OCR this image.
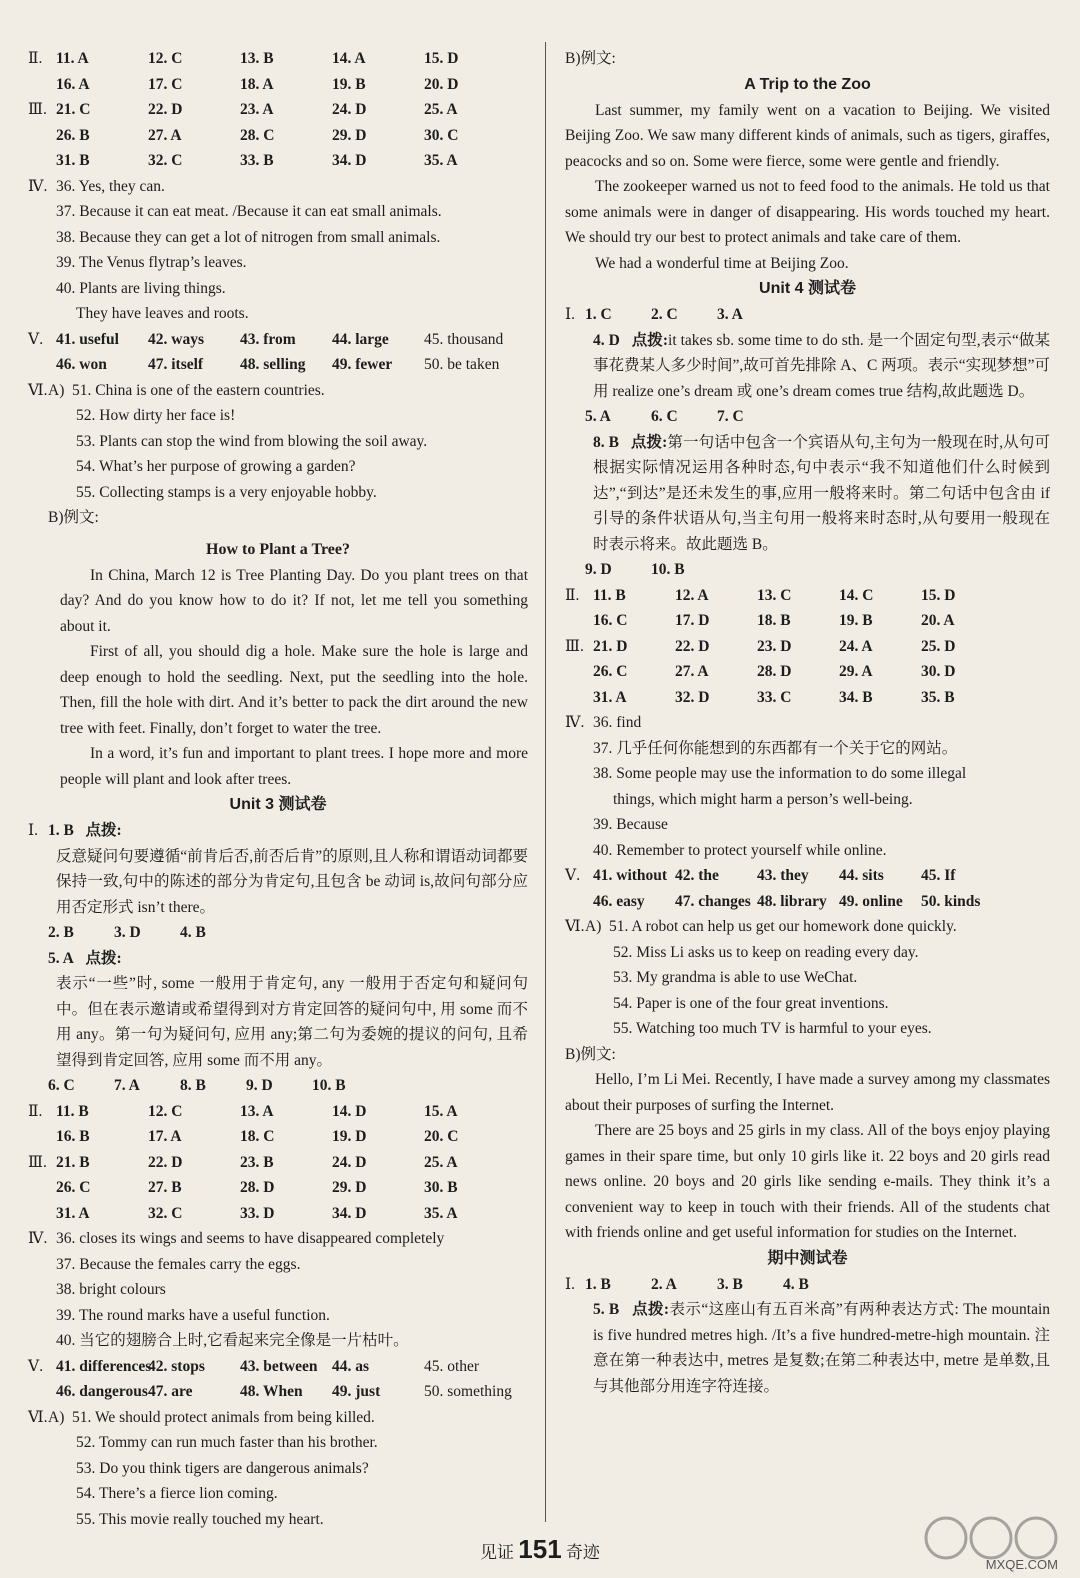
Ⅱ. 11. A	12. C	13. B	14. A	15. D
16. A	17. C	18. A	19. B	20. D
Ⅲ. 21. C	22. D	23. A	24. D	25. A
26. B	27. A	28. C	29. D	30. C
31. B	32. C	33. B	34. D	35. A
Ⅳ. 36. Yes, they can.
37. Because it can eat meat. /Because it can eat small animals.
38. Because they can get a lot of nitrogen from small animals.
39. The Venus flytrap’s leaves.
40. Plants are living things.
They have leaves and roots.
Ⅴ. 41. useful 42. ways 43. from 44. large 45. thousand
46. won	47. itself 48. selling 49. fewer 50. be taken
Ⅵ.A) 51. China is one of the eastern countries.
52. How dirty her face is!
53. Plants can stop the wind from blowing the soil away.
54. What’s her purpose of growing a garden?
55. Collecting stamps is a very enjoyable hobby.
B)例文:
How to Plant a Tree?

In China, March 12 is Tree Planting Day. Do you plant trees on that day? And do you know how to do it? If not, let me tell you something about it.

First of all, you should dig a hole. Make sure the hole is large and deep enough to hold the seedling. Next, put the seedling into the hole. Then, fill the hole with dirt. And it’s better to pack the dirt around the new tree with feet. Finally, don’t forget to water the tree.

In a word, it’s fun and important to plant trees. I hope more and more people will plant and look after trees.

Unit 3 测试卷
Ⅰ. 1. B 点拨:

反意疑问句要遵循“前肯后否,前否后肯”的原则,且人称和谓语动词都要保持一致,句中的陈述的部分为肯定句,且包含 be 动词 is,故问句部分应用否定形式 isn’t there。

2. B	3. D	4. B
5. A 点拨:

表示“一些”时, some 一般用于肯定句, any 一般用于否定句和疑问句中。但在表示邀请或希望得到对方肯定回答的疑问句中, 用 some 而不用 any。第一句为疑问句, 应用 any;第二句为委婉的提议的问句, 且希望得到肯定回答, 应用 some 而不用 any。

6. C	7. A	8. B	9. D	10. B
Ⅱ. 11. B	12. C	13. A	14. D	15. A
16. B	17. A	18. C	19. D	20. C
Ⅲ. 21. B	22. D	23. B	24. D	25. A
26. C	27. B	28. D	29. D	30. B
31. A	32. C	33. D	34. D	35. A
Ⅳ. 36. closes its wings and seems to have disappeared completely
37. Because the females carry the eggs.
38. bright colours
39. The round marks have a useful function.
40. 当它的翅膀合上时,它看起来完全像是一片枯叶。
Ⅴ. 41. differences42. stops 43. between 44. as	45. other
46. dangerous47. are	48. When 49. just	50. something
Ⅵ.A) 51. We should protect animals from being killed.
52. Tommy can run much faster than his brother.
53. Do you think tigers are dangerous animals?
54. There’s a fierce lion coming.
55. This movie really touched my heart.
B)例文:
A Trip to the Zoo

Last summer, my family went on a vacation to Beijing. We visited Beijing Zoo. We saw many different kinds of animals, such as tigers, giraffes, peacocks and so on. Some were fierce, some were gentle and friendly.

The zookeeper warned us not to feed food to the animals. He told us that some animals were in danger of disappearing. His words touched my heart. We should try our best to protect animals and take care of them.

We had a wonderful time at Beijing Zoo.

Unit 4 测试卷
Ⅰ. 1. C	2. C	3. A

4. D 点拨:it takes sb. some time to do sth. 是一个固定句型,表示“做某事花费某人多少时间”,故可首先排除 A、C 两项。表示“实现梦想”可用 realize one’s dream 或 one’s dream comes true 结构,故此题选 D。

5. A	6. C	7. C

8. B 点拨:第一句话中包含一个宾语从句,主句为一般现在时,从句可根据实际情况运用各种时态,句中表示“我不知道他们什么时候到达”,“到达”是还未发生的事,应用一般将来时。第二句话中包含由 if 引导的条件状语从句,当主句用一般将来时态时,从句要用一般现在时表示将来。故此题选 B。

9. D	10. B
Ⅱ. 11. B	12. A	13. C	14. C	15. D
16. C	17. D	18. B	19. B	20. A
Ⅲ. 21. D	22. D	23. D	24. A	25. D
26. C	27. A	28. D	29. A	30. D
31. A	32. D	33. C	34. B	35. B
Ⅳ. 36. find
37. 几乎任何你能想到的东西都有一个关于它的网站。
38. Some people may use the information to do some illegal
things, which might harm a person’s well-being.
39. Because
40. Remember to protect yourself while online.
Ⅴ. 41. without 42. the 43. they 44. sits 45. If
46. easy 47. changes 48. library 49. online 50. kinds
Ⅵ.A) 51. A robot can help us get our homework done quickly.
52. Miss Li asks us to keep on reading every day.
53. My grandma is able to use WeChat.
54. Paper is one of the four great inventions.
55. Watching too much TV is harmful to your eyes.
B)例文:

Hello, I’m Li Mei. Recently, I have made a survey among my classmates about their purposes of surfing the Internet.

There are 25 boys and 25 girls in my class. All of the boys enjoy playing games in their spare time, but only 10 girls like it. 22 boys and 20 girls read news online. 20 boys and 20 girls like sending e-mails. They think it’s a convenient way to keep in touch with their friends. All of the students chat with friends online and get useful information for studies on the Internet.

期中测试卷
Ⅰ. 1. B	2. A	3. B	4. B

5. B 点拨:表示“这座山有五百米高”有两种表达方式: The mountain is five hundred metres high. /It’s a five hundred-metre-high mountain. 注意在第一种表达中, metres 是复数;在第二种表达中, metre 是单数,且与其他部分用连字符连接。

见证 151 奇迹
MXQE.COM
